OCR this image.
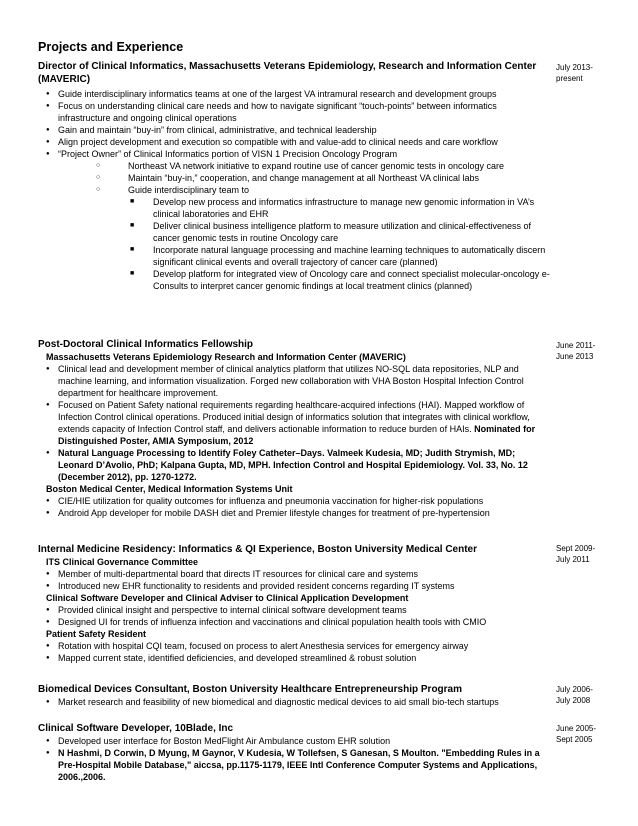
Projects and Experience
Director of Clinical Informatics, Massachusetts Veterans Epidemiology, Research and Information Center (MAVERIC)
● Guide interdisciplinary informatics teams at one of the largest VA intramural research and development groups
● Focus on understanding clinical care needs and how to navigate significant “touch-points” between informatics infrastructure and ongoing clinical operations
● Gain and maintain “buy-in” from clinical, administrative, and technical leadership
● Align project development and execution so compatible with and value-add to clinical needs and care workflow
● “Project Owner” of Clinical Informatics portion of VISN 1 Precision Oncology Program
○ Northeast VA network initiative to expand routine use of cancer genomic tests in oncology care
○ Maintain “buy-in,” cooperation, and change management at all Northeast VA clinical labs
○ Guide interdisciplinary team to
■ Develop new process and informatics infrastructure to manage new genomic information in VA’s clinical laboratories and EHR
■ Deliver clinical business intelligence platform to measure utilization and clinical-effectiveness of cancer genomic tests in routine Oncology care
■ Incorporate natural language processing and machine learning techniques to automatically discern significant clinical events and overall trajectory of cancer care (planned)
■ Develop platform for integrated view of Oncology care and connect specialist molecular-oncology e-Consults to interpret cancer genomic findings at local treatment clinics (planned)
July 2013-
present
Post-Doctoral Clinical Informatics Fellowship
Massachusetts Veterans Epidemiology Research and Information Center (MAVERIC)
● Clinical lead and development member of clinical analytics platform that utilizes NO-SQL data repositories, NLP and machine learning, and information visualization. Forged new collaboration with VHA Boston Hospital Infection Control department for healthcare improvement.
● Focused on Patient Safety national requirements regarding healthcare-acquired infections (HAI). Mapped workflow of Infection Control clinical operations. Produced initial design of informatics solution that integrates with clinical workflow, extends capacity of Infection Control staff, and delivers actionable information to reduce burden of HAIs. Nominated for Distinguished Poster, AMIA Symposium, 2012
● Natural Language Processing to Identify Foley Catheter–Days. Valmeek Kudesia, MD; Judith Strymish, MD; Leonard D’Avolio, PhD; Kalpana Gupta, MD, MPH. Infection Control and Hospital Epidemiology. Vol. 33, No. 12 (December 2012), pp. 1270-1272.
Boston Medical Center, Medical Information Systems Unit
● CIE/HIE utilization for quality outcomes for influenza and pneumonia vaccination for higher-risk populations
● Android App developer for mobile DASH diet and Premier lifestyle changes for treatment of pre-hypertension
June 2011-
June 2013
Internal Medicine Residency: Informatics & QI Experience, Boston University Medical Center
ITS Clinical Governance Committee
● Member of multi-departmental board that directs IT resources for clinical care and systems
● Introduced new EHR functionality to residents and provided resident concerns regarding IT systems
Clinical Software Developer and Clinical Adviser to Clinical Application Development
● Provided clinical insight and perspective to internal clinical software development teams
● Designed UI for trends of influenza infection and vaccinations and clinical population health tools with CMIO
Patient Safety Resident
● Rotation with hospital CQI team, focused on process to alert Anesthesia services for emergency airway
● Mapped current state, identified deficiencies, and developed streamlined & robust solution
Sept 2009-
July 2011
Biomedical Devices Consultant, Boston University Healthcare Entrepreneurship Program
● Market research and feasibility of new biomedical and diagnostic medical devices to aid small bio-tech startups
July 2006-
July 2008
Clinical Software Developer, 10Blade, Inc
● Developed user interface for Boston MedFlight Air Ambulance custom EHR solution
● N Hashmi, D Corwin, D Myung, M Gaynor, V Kudesia, W Tollefsen, S Ganesan, S Moulton. "Embedding Rules in a Pre-Hospital Mobile Database," aiccsa, pp.1175-1179, IEEE Intl Conference Computer Systems and Applications, 2006.,2006.
June 2005-
Sept 2005
